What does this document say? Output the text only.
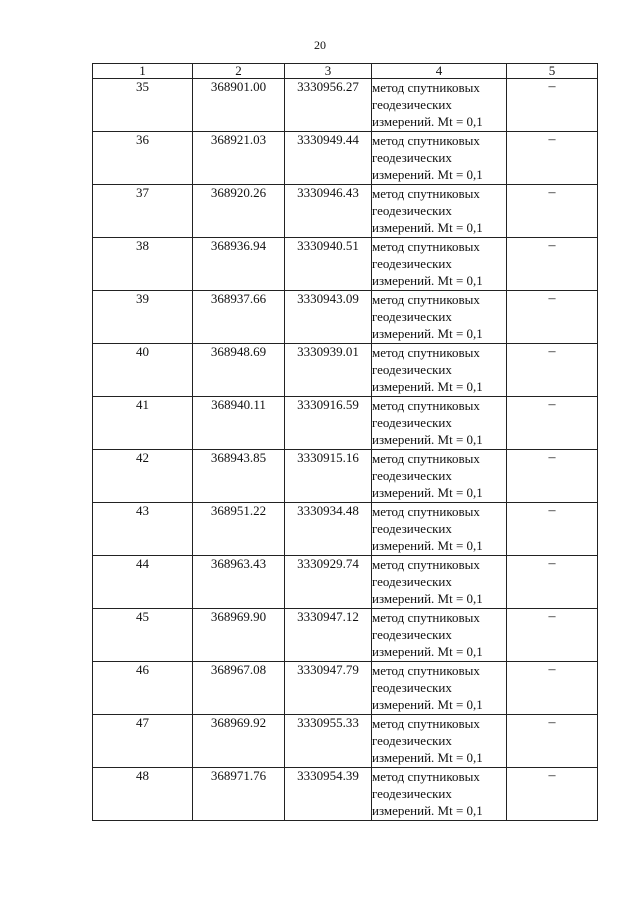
20
1	2	3	4	5
35	368901.00	3330956.27	метод спутниковых
геодезических
измерений. Mt = 0,1	–
36	368921.03	3330949.44	метод спутниковых
геодезических
измерений. Mt = 0,1	–
37	368920.26	3330946.43	метод спутниковых
геодезических
измерений. Mt = 0,1	–
38	368936.94	3330940.51	метод спутниковых
геодезических
измерений. Mt = 0,1	–
39	368937.66	3330943.09	метод спутниковых
геодезических
измерений. Mt = 0,1	–
40	368948.69	3330939.01	метод спутниковых
геодезических
измерений. Mt = 0,1	–
41	368940.11	3330916.59	метод спутниковых
геодезических
измерений. Mt = 0,1	–
42	368943.85	3330915.16	метод спутниковых
геодезических
измерений. Mt = 0,1	–
43	368951.22	3330934.48	метод спутниковых
геодезических
измерений. Mt = 0,1	–
44	368963.43	3330929.74	метод спутниковых
геодезических
измерений. Mt = 0,1	–
45	368969.90	3330947.12	метод спутниковых
геодезических
измерений. Mt = 0,1	–
46	368967.08	3330947.79	метод спутниковых
геодезических
измерений. Mt = 0,1	–
47	368969.92	3330955.33	метод спутниковых
геодезических
измерений. Mt = 0,1	–
48	368971.76	3330954.39	метод спутниковых
геодезических
измерений. Mt = 0,1	–
